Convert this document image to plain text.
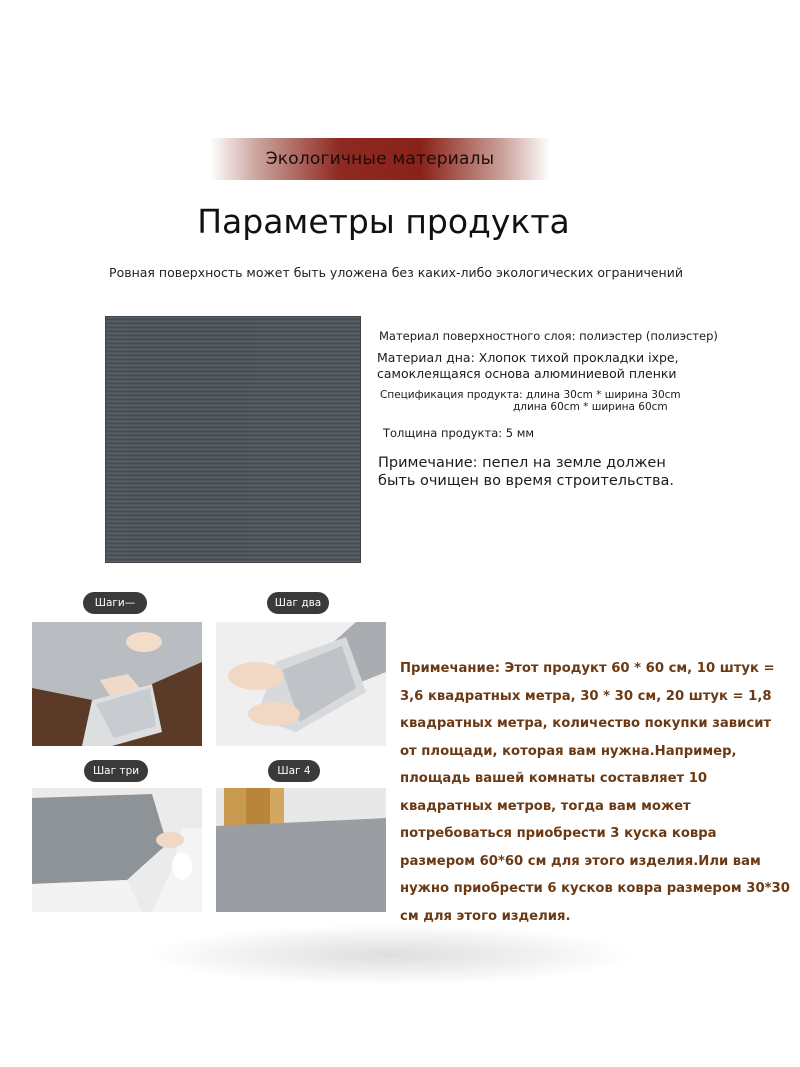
Экологичные материалы
Параметры продукта

Ровная поверхность может быть уложена без каких-либо экологических ограничений

Материал поверхностного слоя: полиэстер (полиэстер)
Материал дна: Хлопок тихой прокладки ixpe,
самоклеящаяся основа алюминиевой пленки
Спецификация продукта: длина 30cm * ширина 30cm
длина 60cm * ширина 60cm
Толщина продукта: 5 мм
Примечание: пепел на земле должен
быть очищен во время строительства.
Шаги—	Шаг два
Шаг три	Шаг 4
Примечание: Этот продукт 60 * 60 см, 10 штук = 3,6 квадратных метра, 30 * 30 см, 20 штук = 1,8 квадратных метра, количество покупки зависит от площади, которая вам нужна.Например, площадь вашей комнаты составляет 10 квадратных метров, тогда вам может потребоваться приобрести 3 куска ковра размером 60*60 см для этого изделия.Или вам нужно приобрести 6 кусков ковра размером 30*30 см для этого изделия.
